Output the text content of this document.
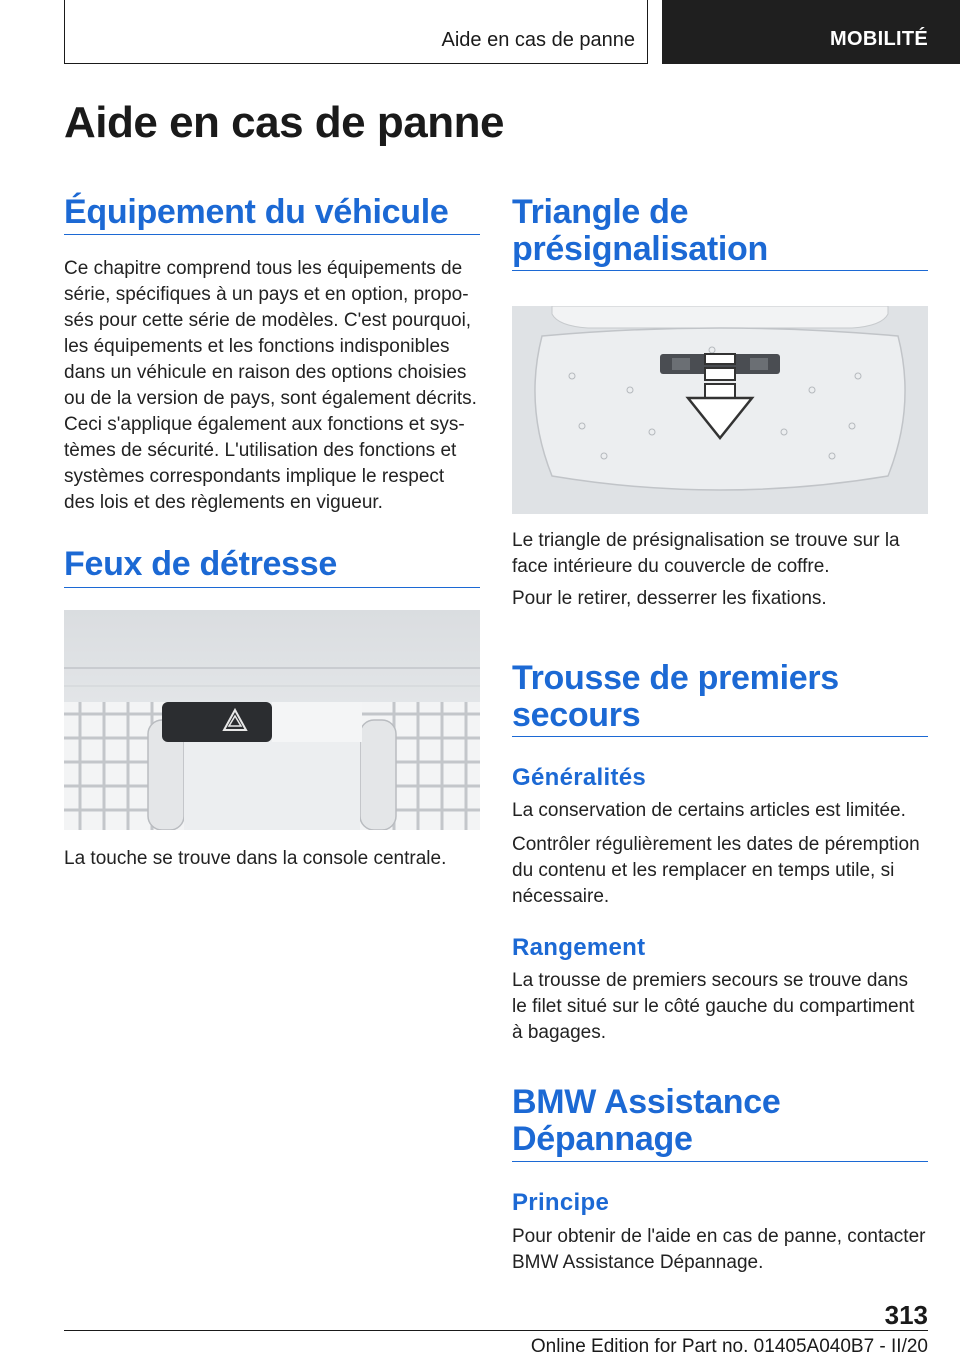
Aide en cas de panne	MOBILITÉ
Aide en cas de panne
Équipement du véhicule
Ce chapitre comprend tous les équipements de
série, spécifiques à un pays et en option, propo-
sés pour cette série de modèles. C'est pourquoi,
les équipements et les fonctions indisponibles
dans un véhicule en raison des options choisies
ou de la version de pays, sont également décrits.
Ceci s'applique également aux fonctions et sys-
tèmes de sécurité. L'utilisation des fonctions et
systèmes correspondants implique le respect
des lois et des règlements en vigueur.
Feux de détresse

La touche se trouve dans la console centrale.

Triangle de
présignalisation
Le triangle de présignalisation se trouve sur la
face intérieure du couvercle de coffre.

Pour le retirer, desserrer les fixations.

Trousse de premiers
secours
Généralités

La conservation de certains articles est limitée.

Contrôler régulièrement les dates de péremption
du contenu et les remplacer en temps utile, si
nécessaire.
Rangement
La trousse de premiers secours se trouve dans
le filet situé sur le côté gauche du compartiment
à bagages.
BMW Assistance
Dépannage
Principe
Pour obtenir de l'aide en cas de panne, contacter
BMW Assistance Dépannage.
313
Online Edition for Part no. 01405A040B7 - II/20
